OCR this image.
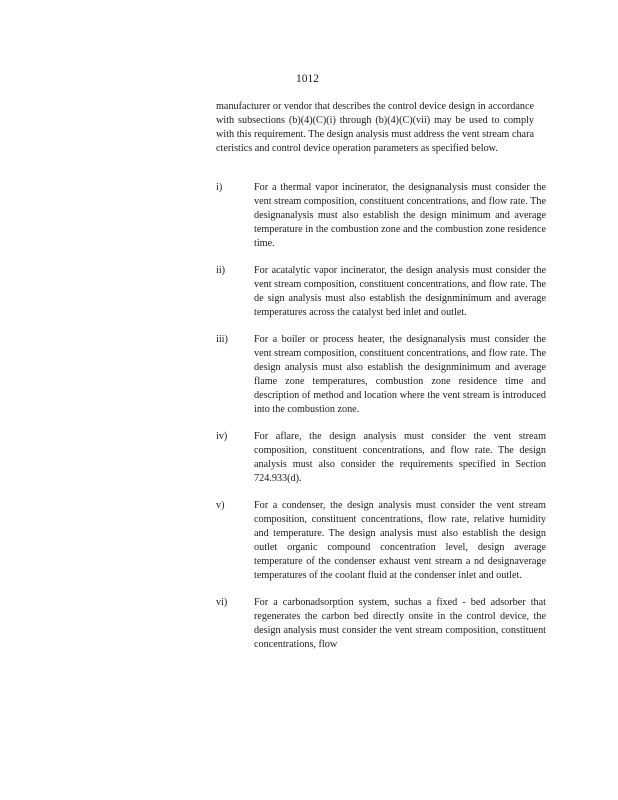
1012

manufacturer or vendor that describes the control device design in accordance with subsections (b)(4)(C)(i) through (b)(4)(C)(vii) may be used to comply with this requirement. The design analysis must address the vent stream chara cteristics and control device operation parameters as specified below.

i)	For a thermal vapor incinerator, the designanalysis must consider the vent stream composition, constituent concentrations, and flow rate. The designanalysis must also establish the design minimum and average temperature in the combustion zone and the combustion zone residence time.

ii)	For acatalytic vapor incinerator, the design analysis must consider the vent stream composition, constituent concentrations, and flow rate. The de sign analysis must also establish the designminimum and average temperatures across the catalyst bed inlet and outlet.

iii)	For a boiler or process heater, the designanalysis must consider the vent stream composition, constituent concentrations, and flow rate. The design analysis must also establish the designminimum and average flame zone temperatures, combustion zone residence time and description of method and location where the vent stream is introduced into the combustion zone.

iv)	For aflare, the design analysis must consider the vent stream composition, constituent concentrations, and flow rate. The design analysis must also consider the requirements specified in Section 724.933(d).

v)	For a condenser, the design analysis must consider the vent stream composition, constituent concentrations, flow rate, relative humidity and temperature. The design analysis must also establish the design outlet organic compound concentration level, design average temperature of the condenser exhaust vent stream a nd designaverage temperatures of the coolant fluid at the condenser inlet and outlet.

vi)	For a carbonadsorption system, suchas a fixed - bed adsorber that regenerates the carbon bed directly onsite in the control device, the design analysis must consider the vent stream composition, constituent concentrations, flow
